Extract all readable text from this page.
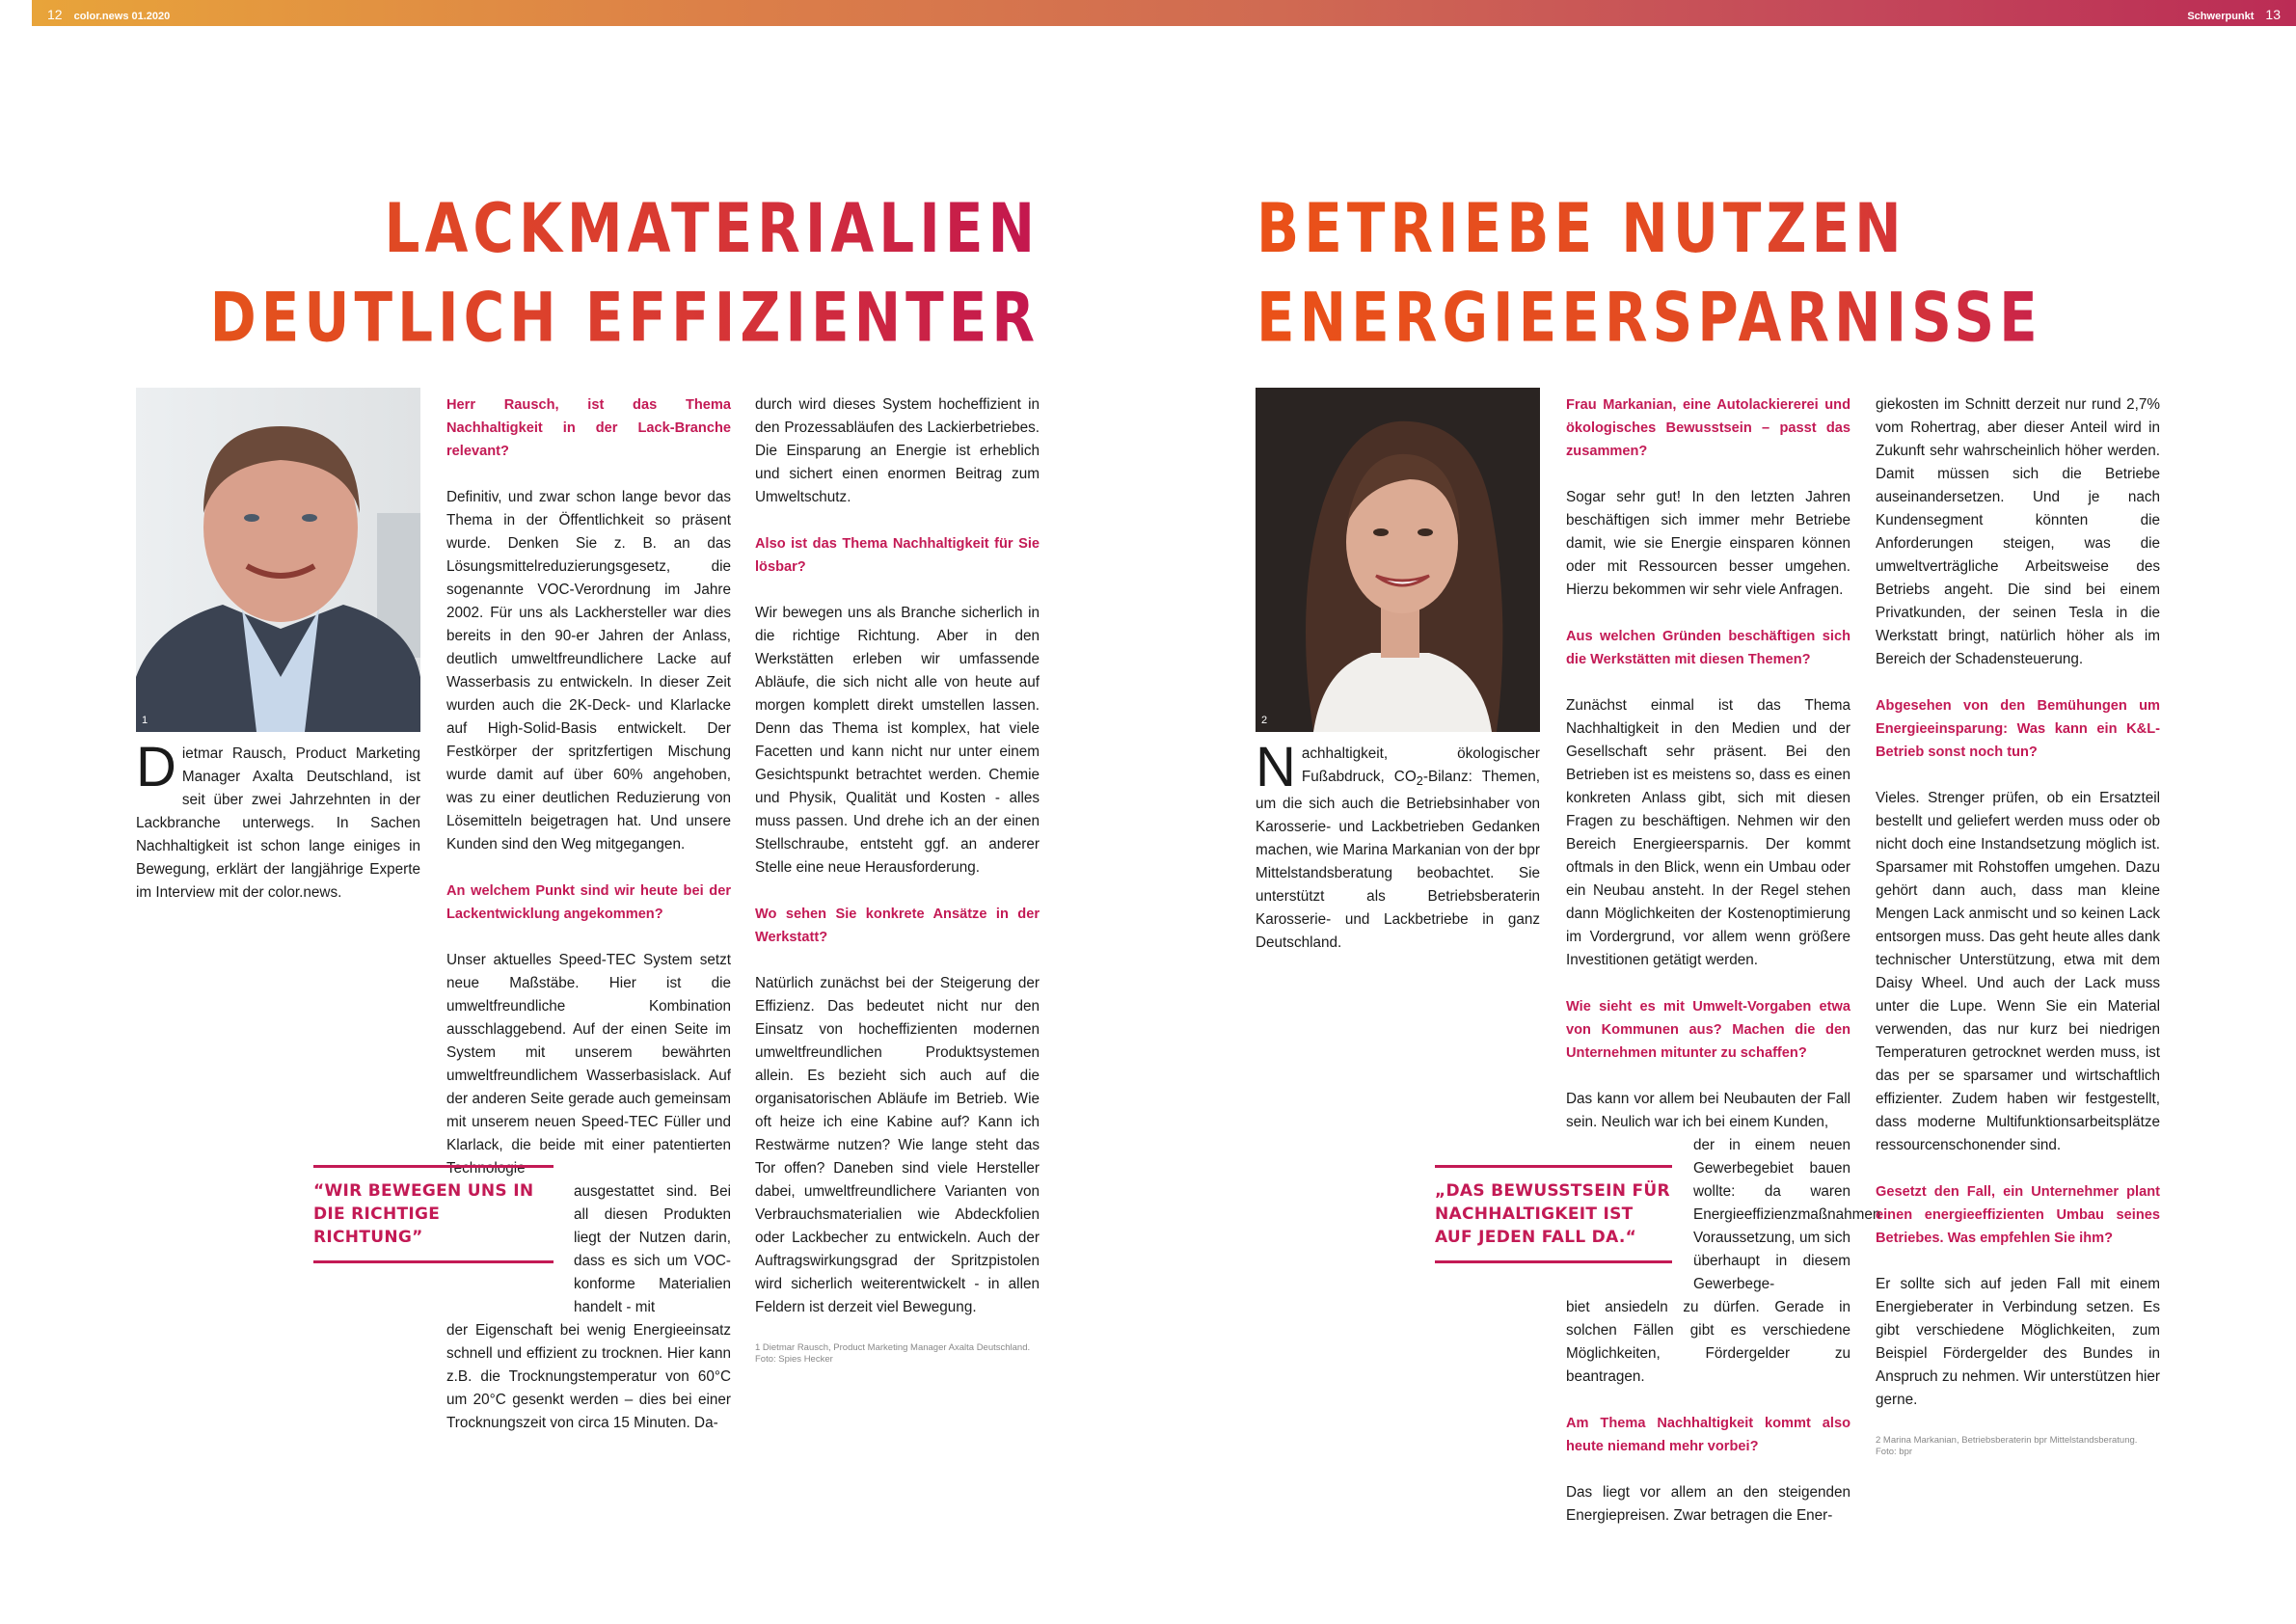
12 color.news 01.2020	Schwerpunkt 13
LACKMATERIALIEN
DEUTLICH EFFIZIENTER
1
Dietmar Rausch, Product Marketing Manager Axalta Deutschland, ist seit über zwei Jahrzehnten in der Lackbranche unterwegs. In Sachen Nachhaltigkeit ist schon lange einiges in Bewegung, erklärt der langjährige Experte im Interview mit der color.news.

Herr Rausch, ist das Thema Nachhaltigkeit in der Lack-Branche relevant?

Definitiv, und zwar schon lange bevor das Thema in der Öffentlichkeit so präsent wurde. Denken Sie z. B. an das Lösungsmittelreduzierungsgesetz, die sogenannte VOC-Verordnung im Jahre 2002. Für uns als Lackhersteller war dies bereits in den 90-er Jahren der Anlass, deutlich umweltfreundlichere Lacke auf Wasserbasis zu entwickeln. In dieser Zeit wurden auch die 2K-Deck- und Klarlacke auf High-Solid-Basis entwickelt. Der Festkörper der spritzfertigen Mischung wurde damit auf über 60% angehoben, was zu einer deutlichen Reduzierung von Lösemitteln beigetragen hat. Und unsere Kunden sind den Weg mitgegangen.

An welchem Punkt sind wir heute bei der Lackentwicklung angekommen?

Unser aktuelles Speed-TEC System setzt neue Maßstäbe. Hier ist die umweltfreundliche Kombination ausschlaggebend. Auf der einen Seite im System mit unserem bewährten umweltfreundlichem Wasserbasislack. Auf der anderen Seite gerade auch gemeinsam mit unserem neuen Speed-TEC Füller und Klarlack, die beide mit einer patentierten Technologie

ausgestattet sind. Bei all diesen Produkten liegt der Nutzen darin, dass es sich um VOC-konforme Materialien handelt - mit

der Eigenschaft bei wenig Energieeinsatz schnell und effizient zu trocknen. Hier kann z.B. die Trocknungstemperatur von 60°C um 20°C gesenkt werden – dies bei einer Trocknungszeit von circa 15 Minuten. Da-

“WIR BEWEGEN UNS IN DIE RICHTIGE RICHTUNG”

durch wird dieses System hocheffizient in den Prozessabläufen des Lackierbetriebes. Die Einsparung an Energie ist erheblich und sichert einen enormen Beitrag zum Umweltschutz.

Also ist das Thema Nachhaltigkeit für Sie lösbar?

Wir bewegen uns als Branche sicherlich in die richtige Richtung. Aber in den Werkstätten erleben wir umfassende Abläufe, die sich nicht alle von heute auf morgen komplett direkt umstellen lassen. Denn das Thema ist komplex, hat viele Facetten und kann nicht nur unter einem Gesichtspunkt betrachtet werden. Chemie und Physik, Qualität und Kosten - alles muss passen. Und drehe ich an der einen Stellschraube, entsteht ggf. an anderer Stelle eine neue Herausforderung.

Wo sehen Sie konkrete Ansätze in der Werkstatt?

Natürlich zunächst bei der Steigerung der Effizienz. Das bedeutet nicht nur den Einsatz von hocheffizienten modernen umweltfreundlichen Produktsystemen allein. Es bezieht sich auch auf die organisatorischen Abläufe im Betrieb. Wie oft heize ich eine Kabine auf? Kann ich Restwärme nutzen? Wie lange steht das Tor offen? Daneben sind viele Hersteller dabei, umweltfreundlichere Varianten von Verbrauchsmaterialien wie Abdeckfolien oder Lackbecher zu entwickeln. Auch der Auftragswirkungsgrad der Spritzpistolen wird sicherlich weiterentwickelt - in allen Feldern ist derzeit viel Bewegung.

1 Dietmar Rausch, Product Marketing Manager Axalta Deutschland. Foto: Spies Hecker
BETRIEBE NUTZEN
ENERGIEERSPARNISSE
2
Nachhaltigkeit, ökologischer Fußabdruck, $CO_2$-Bilanz: Themen, um die sich auch die Betriebsinhaber von Karosserie- und Lackbetrieben Gedanken machen, wie Marina Markanian von der bpr Mittelstandsberatung beobachtet. Sie unterstützt als Betriebsberaterin Karosserie- und Lackbetriebe in ganz Deutschland.

Frau Markanian, eine Autolackiererei und ökologisches Bewusstsein – passt das zusammen?

Sogar sehr gut! In den letzten Jahren beschäftigen sich immer mehr Betriebe damit, wie sie Energie einsparen können oder mit Ressourcen besser umgehen. Hierzu bekommen wir sehr viele Anfragen.

Aus welchen Gründen beschäftigen sich die Werkstätten mit diesen Themen?

Zunächst einmal ist das Thema Nachhaltigkeit in den Medien und der Gesellschaft sehr präsent. Bei den Betrieben ist es meistens so, dass es einen konkreten Anlass gibt, sich mit diesen Fragen zu beschäftigen. Nehmen wir den Bereich Energieersparnis. Der kommt oftmals in den Blick, wenn ein Umbau oder ein Neubau ansteht. In der Regel stehen dann Möglichkeiten der Kostenoptimierung im Vordergrund, vor allem wenn größere Investitionen getätigt werden.

Wie sieht es mit Umwelt-Vorgaben etwa von Kommunen aus? Machen die den Unternehmen mitunter zu schaffen?

Das kann vor allem bei Neubauten der Fall sein. Neulich war ich bei einem Kunden,

der in einem neuen Gewerbegebiet bauen wollte: da waren Energieeffizienzmaßnahmen Voraussetzung, um sich überhaupt in diesem Gewerbege-

biet ansiedeln zu dürfen. Gerade in solchen Fällen gibt es verschiedene Möglichkeiten, Fördergelder zu beantragen.

Am Thema Nachhaltigkeit kommt also heute niemand mehr vorbei?

Das liegt vor allem an den steigenden Energiepreisen. Zwar betragen die Ener-

„DAS BEWUSSTSEIN FÜR NACHHALTIGKEIT IST AUF JEDEN FALL DA.“

giekosten im Schnitt derzeit nur rund 2,7% vom Rohertrag, aber dieser Anteil wird in Zukunft sehr wahrscheinlich höher werden. Damit müssen sich die Betriebe auseinandersetzen. Und je nach Kundensegment könnten die Anforderungen steigen, was die umweltverträgliche Arbeitsweise des Betriebs angeht. Die sind bei einem Privatkunden, der seinen Tesla in die Werkstatt bringt, natürlich höher als im Bereich der Schadensteuerung.

Abgesehen von den Bemühungen um Energieeinsparung: Was kann ein K&L-Betrieb sonst noch tun?

Vieles. Strenger prüfen, ob ein Ersatzteil bestellt und geliefert werden muss oder ob nicht doch eine Instandsetzung möglich ist. Sparsamer mit Rohstoffen umgehen. Dazu gehört dann auch, dass man kleine Mengen Lack anmischt und so keinen Lack entsorgen muss. Das geht heute alles dank technischer Unterstützung, etwa mit dem Daisy Wheel. Und auch der Lack muss unter die Lupe. Wenn Sie ein Material verwenden, das nur kurz bei niedrigen Temperaturen getrocknet werden muss, ist das per se sparsamer und wirtschaftlich effizienter. Zudem haben wir festgestellt, dass moderne Multifunktionsarbeitsplätze ressourcenschonender sind.

Gesetzt den Fall, ein Unternehmer plant einen energieeffizienten Umbau seines Betriebes. Was empfehlen Sie ihm?

Er sollte sich auf jeden Fall mit einem Energieberater in Verbindung setzen. Es gibt verschiedene Möglichkeiten, zum Beispiel Fördergelder des Bundes in Anspruch zu nehmen. Wir unterstützen hier gerne.

2 Marina Markanian, Betriebsberaterin bpr Mittelstandsberatung. Foto: bpr
